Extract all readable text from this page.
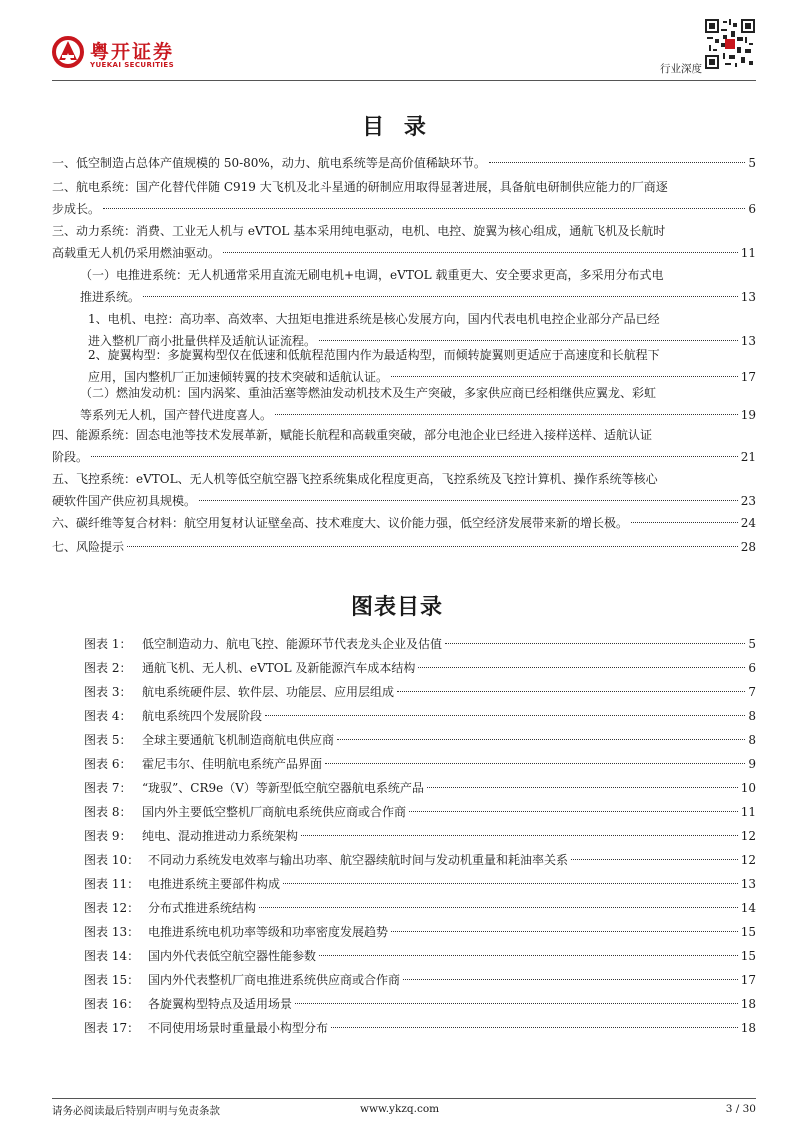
粤开证券
YUEKAI SECURITIES	行业深度
目 录
一、低空制造占总体产值规模的 50-80%，动力、航电系统等是高价值稀缺环节。	5
二、航电系统：国产化替代伴随 C919 大飞机及北斗星通的研制应用取得显著进展，具备航电研制供应能力的厂商逐
步成长。	6
三、动力系统：消费、工业无人机与 eVTOL 基本采用纯电驱动，电机、电控、旋翼为核心组成，通航飞机及长航时
高载重无人机仍采用燃油驱动。	11
（一）电推进系统：无人机通常采用直流无刷电机+电调，eVTOL 载重更大、安全要求更高，多采用分布式电
推进系统。	13
1、电机、电控：高功率、高效率、大扭矩电推进系统是核心发展方向，国内代表电机电控企业部分产品已经
进入整机厂商小批量供样及适航认证流程。	13
2、旋翼构型：多旋翼构型仅在低速和低航程范围内作为最适构型，而倾转旋翼则更适应于高速度和长航程下
应用，国内整机厂正加速倾转翼的技术突破和适航认证。	17
（二）燃油发动机：国内涡桨、重油活塞等燃油发动机技术及生产突破，多家供应商已经相继供应翼龙、彩虹
等系列无人机，国产替代进度喜人。	19
四、能源系统：固态电池等技术发展革新，赋能长航程和高载重突破，部分电池企业已经进入接样送样、适航认证
阶段。	21
五、飞控系统：eVTOL、无人机等低空航空器飞控系统集成化程度更高，飞控系统及飞控计算机、操作系统等核心
硬软件国产供应初具规模。	23
六、碳纤维等复合材料：航空用复材认证壁垒高、技术难度大、议价能力强，低空经济发展带来新的增长极。	24
七、风险提示	28
图表目录
图表 1： 低空制造动力、航电飞控、能源环节代表龙头企业及估值	5
图表 2： 通航飞机、无人机、eVTOL 及新能源汽车成本结构	6
图表 3： 航电系统硬件层、软件层、功能层、应用层组成	7
图表 4： 航电系统四个发展阶段	8
图表 5： 全球主要通航飞机制造商航电供应商	8
图表 6： 霍尼韦尔、佳明航电系统产品界面	9
图表 7： “珑驭”、CR9e（V）等新型低空航空器航电系统产品	10
图表 8： 国内外主要低空整机厂商航电系统供应商或合作商	11
图表 9： 纯电、混动推进动力系统架构	12
图表 10： 不同动力系统发电效率与输出功率、航空器续航时间与发动机重量和耗油率关系	12
图表 11： 电推进系统主要部件构成	13
图表 12： 分布式推进系统结构	14
图表 13： 电推进系统电机功率等级和功率密度发展趋势	15
图表 14： 国内外代表低空航空器性能参数	15
图表 15： 国内外代表整机厂商电推进系统供应商或合作商	17
图表 16： 各旋翼构型特点及适用场景	18
图表 17： 不同使用场景时重量最小构型分布	18
请务必阅读最后特别声明与免责条款	www.ykzq.com	3 / 30
